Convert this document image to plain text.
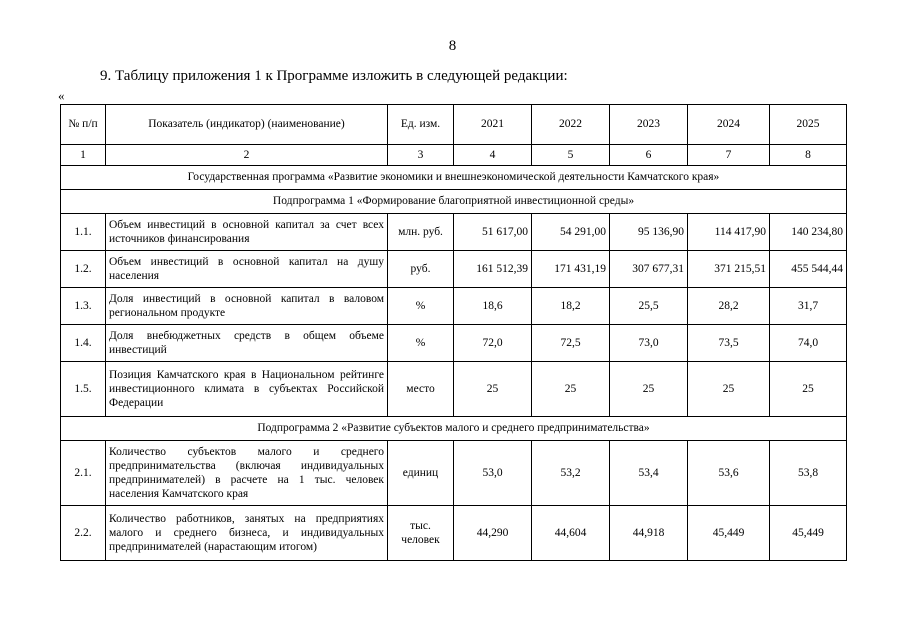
8
9. Таблицу приложения 1 к Программе изложить в следующей редакции:
«
№ п/п	Показатель (индикатор) (наименование)	Ед. изм.	2021	2022	2023	2024	2025
1	2	3	4	5	6	7	8
Государственная программа «Развитие экономики и внешнеэкономической деятельности Камчатского края»							
Подпрограмма 1 «Формирование благоприятной инвестиционной среды»							
1.1.	Объем инвестиций в основной капитал за счет всех источников финансирования	млн. руб.	51 617,00	54 291,00	95 136,90	114 417,90	140 234,80
1.2.	Объем инвестиций в основной капитал на душу населения	руб.	161 512,39	171 431,19	307 677,31	371 215,51	455 544,44
1.3.	Доля инвестиций в основной капитал в валовом региональном продукте	%	18,6	18,2	25,5	28,2	31,7
1.4.	Доля внебюджетных средств в общем объеме инвестиций	%	72,0	72,5	73,0	73,5	74,0
1.5.	Позиция Камчатского края в Национальном рейтинге инвестиционного климата в субъектах Российской Федерации	место	25	25	25	25	25
Подпрограмма 2 «Развитие субъектов малого и среднего предпринимательства»							
2.1.	Количество субъектов малого и среднего предпринимательства (включая индивидуальных предпринимателей) в расчете на 1 тыс. человек населения Камчатского края	единиц	53,0	53,2	53,4	53,6	53,8
2.2.	Количество работников, занятых на предприятиях малого и среднего бизнеса, и индивидуальных предпринимателей (нарастающим итогом)	тыс. человек	44,290	44,604	44,918	45,449	45,449
